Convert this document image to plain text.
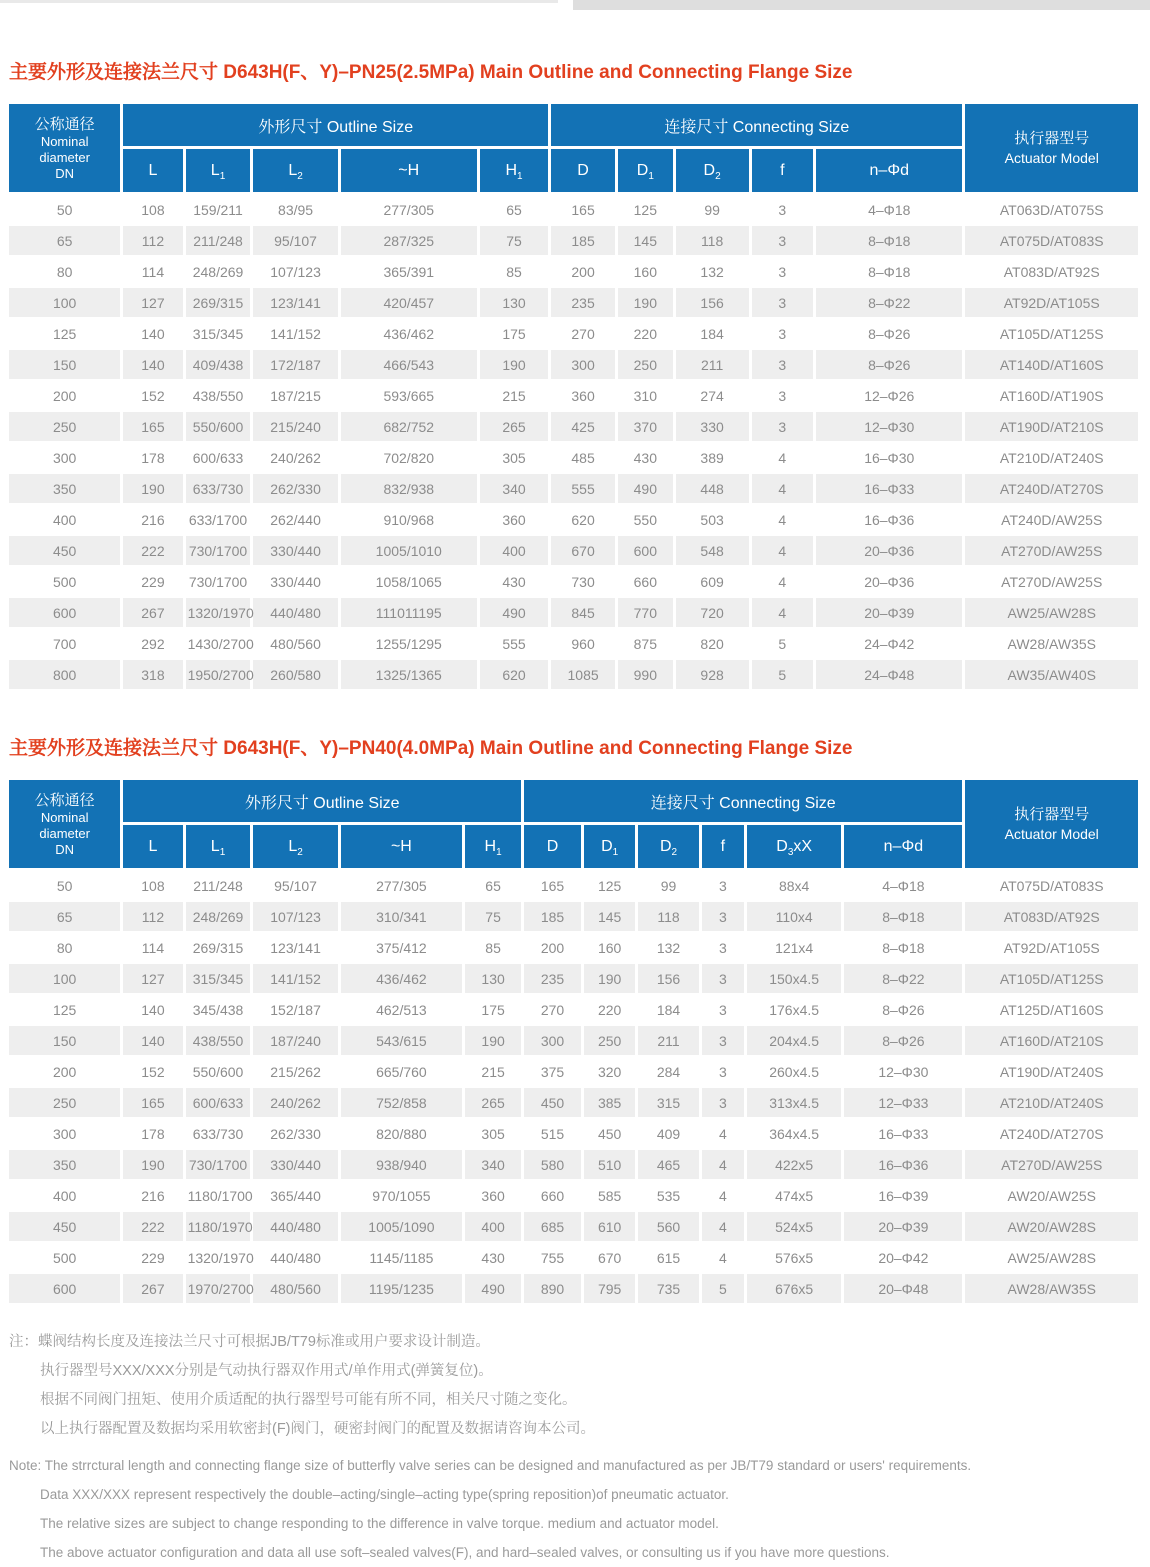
主要外形及连接法兰尺寸 D643H(F、Y)–PN25(2.5MPa) Main Outline and Connecting Flange Size
公称通径
Nominal
diameter
DN
	外形尺寸 Outline Size	连接尺寸 Connecting Size	
执行器型号
Actuator Model

	L	$L_1$	$L_2$	~H	$H_1$	D	$D_1$	$D_2$	f	n–Φd	
50	108	159/211	83/95	277/305	65	165	125	99	3	4–Φ18	AT063D/AT075S
65	112	211/248	95/107	287/325	75	185	145	118	3	8–Φ18	AT075D/AT083S
80	114	248/269	107/123	365/391	85	200	160	132	3	8–Φ18	AT083D/AT92S
100	127	269/315	123/141	420/457	130	235	190	156	3	8–Φ22	AT92D/AT105S
125	140	315/345	141/152	436/462	175	270	220	184	3	8–Φ26	AT105D/AT125S
150	140	409/438	172/187	466/543	190	300	250	211	3	8–Φ26	AT140D/AT160S
200	152	438/550	187/215	593/665	215	360	310	274	3	12–Φ26	AT160D/AT190S
250	165	550/600	215/240	682/752	265	425	370	330	3	12–Φ30	AT190D/AT210S
300	178	600/633	240/262	702/820	305	485	430	389	4	16–Φ30	AT210D/AT240S
350	190	633/730	262/330	832/938	340	555	490	448	4	16–Φ33	AT240D/AT270S
400	216	633/1700	262/440	910/968	360	620	550	503	4	16–Φ36	AT240D/AW25S
450	222	730/1700	330/440	1005/1010	400	670	600	548	4	20–Φ36	AT270D/AW25S
500	229	730/1700	330/440	1058/1065	430	730	660	609	4	20–Φ36	AT270D/AW25S
600	267	1320/1970	440/480	111011195	490	845	770	720	4	20–Φ39	AW25/AW28S
700	292	1430/2700	480/560	1255/1295	555	960	875	820	5	24–Φ42	AW28/AW35S
800	318	1950/2700	260/580	1325/1365	620	1085	990	928	5	24–Φ48	AW35/AW40S
主要外形及连接法兰尺寸 D643H(F、Y)–PN40(4.0MPa) Main Outline and Connecting Flange Size
公称通径
Nominal
diameter
DN
	外形尺寸 Outline Size	连接尺寸 Connecting Size	
执行器型号
Actuator Model

	L	$L_1$	$L_2$	~H	$H_1$	D	$D_1$	$D_2$	f	$D_3xX$	n–Φd	
50	108	211/248	95/107	277/305	65	165	125	99	3	88x4	4–Φ18	AT075D/AT083S
65	112	248/269	107/123	310/341	75	185	145	118	3	110x4	8–Φ18	AT083D/AT92S
80	114	269/315	123/141	375/412	85	200	160	132	3	121x4	8–Φ18	AT92D/AT105S
100	127	315/345	141/152	436/462	130	235	190	156	3	150x4.5	8–Φ22	AT105D/AT125S
125	140	345/438	152/187	462/513	175	270	220	184	3	176x4.5	8–Φ26	AT125D/AT160S
150	140	438/550	187/240	543/615	190	300	250	211	3	204x4.5	8–Φ26	AT160D/AT210S
200	152	550/600	215/262	665/760	215	375	320	284	3	260x4.5	12–Φ30	AT190D/AT240S
250	165	600/633	240/262	752/858	265	450	385	315	3	313x4.5	12–Φ33	AT210D/AT240S
300	178	633/730	262/330	820/880	305	515	450	409	4	364x4.5	16–Φ33	AT240D/AT270S
350	190	730/1700	330/440	938/940	340	580	510	465	4	422x5	16–Φ36	AT270D/AW25S
400	216	1180/1700	365/440	970/1055	360	660	585	535	4	474x5	16–Φ39	AW20/AW25S
450	222	1180/1970	440/480	1005/1090	400	685	610	560	4	524x5	20–Φ39	AW20/AW28S
500	229	1320/1970	440/480	1145/1185	430	755	670	615	4	576x5	20–Φ42	AW25/AW28S
600	267	1970/2700	480/560	1195/1235	490	890	795	735	5	676x5	20–Φ48	AW28/AW35S

注：蝶阀结构长度及连接法兰尺寸可根据JB/T79标准或用户要求设计制造。

执行器型号XXX/XXX分别是气动执行器双作用式/单作用式(弹簧复位)。

根据不同阀门扭矩、使用介质适配的执行器型号可能有所不同，相关尺寸随之变化。

以上执行器配置及数据均采用软密封(F)阀门，硬密封阀门的配置及数据请咨询本公司。

Note: The strrctural length and connecting flange size of butterfly valve series can be designed and manufactured as per JB/T79 standard or users' requirements.

Data XXX/XXX represent respectively the double–acting/single–acting type(spring reposition)of pneumatic actuator.

The relative sizes are subject to change responding to the difference in valve torque. medium and actuator model.

The above actuator configuration and data all use soft–sealed valves(F), and hard–sealed valves, or consulting us if you have more questions.
